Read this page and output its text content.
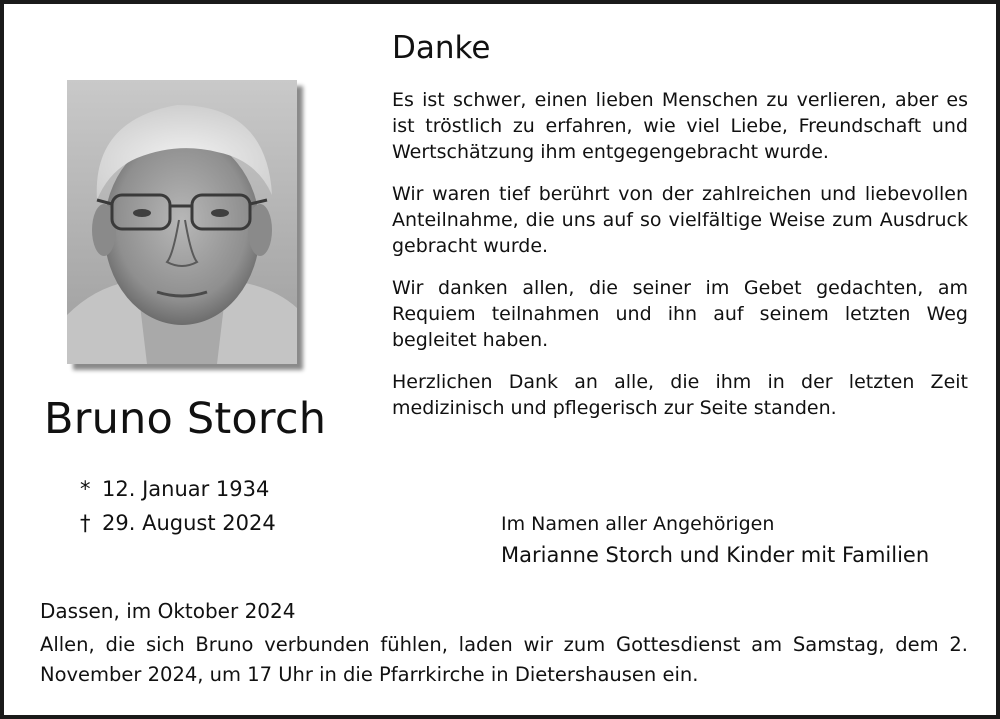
Bruno Storch
* 12. Januar 1934
† 29. August 2024
Danke

Es ist schwer, einen lieben Menschen zu verlieren, aber es ist tröstlich zu erfahren, wie viel Liebe, Freundschaft und Wertschätzung ihm entgegengebracht wurde.

Wir waren tief berührt von der zahlreichen und liebevollen Anteilnahme, die uns auf so vielfältige Weise zum Ausdruck gebracht wurde.

Wir danken allen, die seiner im Gebet gedachten, am Requiem teilnahmen und ihn auf seinem letzten Weg begleitet haben.

Herzlichen Dank an alle, die ihm in der letzten Zeit medizinisch und pflegerisch zur Seite standen.

Im Namen aller Angehörigen
Marianne Storch und Kinder mit Familien
Dassen, im Oktober 2024
Allen, die sich Bruno verbunden fühlen, laden wir zum Gottesdienst am Samstag, dem 2. November 2024, um 17 Uhr in die Pfarrkirche in Dietershausen ein.
